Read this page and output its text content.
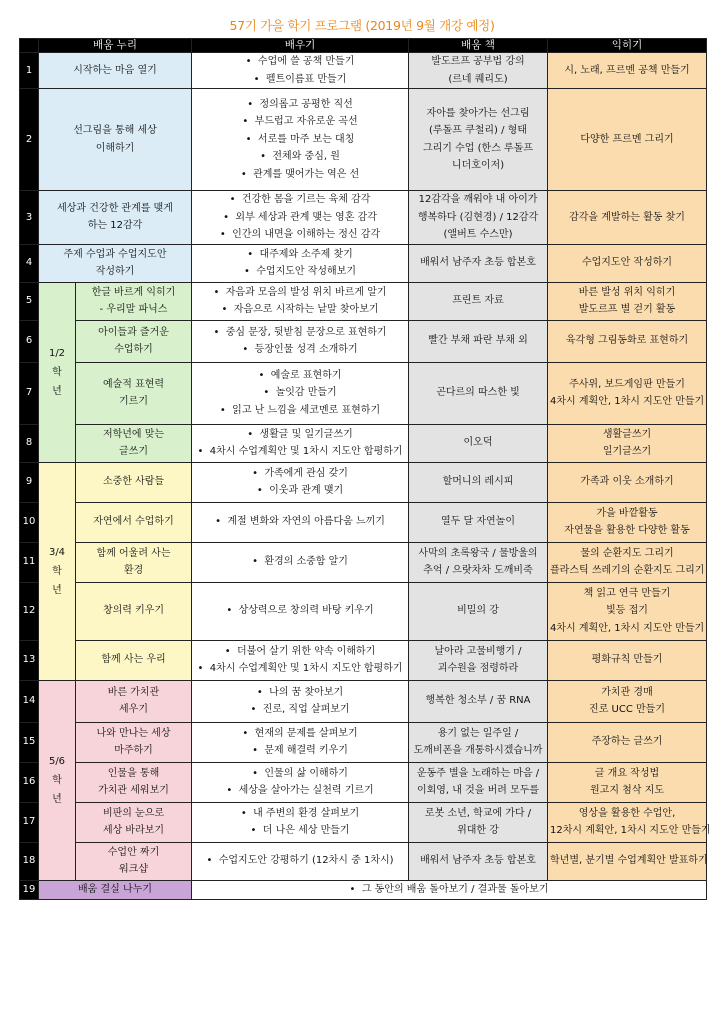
57기 가을 학기 프로그램 (2019년 9월 개강 예정)
	배움 누리		배우기	배움 책	익히기
1	시작하는 마음 열기		•  수업에 쓸 공책 만들기
•  펠트이름표 만들기	발도르프 공부법 강의
(르네 퀘리도)	시, 노래, 프르멘 공책 만들기

2	선그림을 통해 세상
이해하기		•  정의롭고 공평한 직선
•  부드럽고 자유로운 곡선
•  서로를 마주 보는 대칭
•  전체와 중심, 원
•  관계를 맺어가는 역은 선	자아를 찾아가는 선그림
(루돌프 쿠철리) / 형태
그리기 수업 (한스 루돌프
니더호이저)	다양한 프르멘 그리기

3	세상과 건강한 관계를 맺게
하는 12감각		•  건강한 몸을 기르는 육체 감각
•  외부 세상과 관계 맺는 영혼 감각
•  인간의 내면을 이해하는 정신 감각	12감각을 깨워야 내 아이가
행복하다 (김현경) / 12감각
(앨버트 수스만)	감각을 계발하는 활동 찾기

4	주제 수업과 수업지도안
작성하기		•  대주제와 소주제 찾기
•  수업지도안 작성해보기	배워서 남주자 초등 합본호	수업지도안 작성하기

5	1/2
학
년	한글 바르게 익히기
- 우리말 파닉스	•  자음과 모음의 발성 위치 바르게 알기
•  자음으로 시작하는 낱말 찾아보기	프린트 자료	바른 발성 위치 익히기
발도르프 별 걷기 활동

6		아이들과 즐거운
수업하기	•  중심 문장, 뒷받침 문장으로 표현하기
•  등장인물 성격 소개하기	빨간 부채 파란 부채 외	육각형 그림동화로 표현하기

7		예술적 표현력
기르기	•  예술로 표현하기
•  놀잇감 만들기
•  읽고 난 느낌을 세코멘로 표현하기	곤다르의 따스한 빛	주사위, 보드게임판 만들기
4차시 계획안, 1차시 지도안 만들기

8		저학년에 맞는
글쓰기	•  생활글 및 일기글쓰기
•  4차시 수업계획안 및 1차시 지도안 합평하기	이오덕	생활글쓰기
일기글쓰기

9	3/4
학
년	소중한 사람들	•  가족에게 관심 갖기
•  이웃과 관계 맺기	할머니의 레시피	가족과 이웃 소개하기

10		자연에서 수업하기	•  계절 변화와 자연의 아름다움 느끼기	열두 달 자연놀이	가을 바깥활동
자연물을 활용한 다양한 활동

11		함께 어울려 사는
환경	•  환경의 소중함 알기	사막의 초록왕국 / 물방울의
추억 / 으랏차차 도깨비죽	물의 순환지도 그리기
플라스틱 쓰레기의 순환지도 그리기

12		창의력 키우기	•  상상력으로 창의력 바탕 키우기	비밀의 강	책 읽고 연극 만들기
빛등 접기
4차시 계획안, 1차시 지도안 만들기

13		함께 사는 우리	•  더불어 살기 위한 약속 이해하기
•  4차시 수업계획안 및 1차시 지도안 합평하기	날아라 고물비행기 /
괴수원을 점령하라	평화규칙 만들기

14	5/6
학
년	바른 가치관
세우기	•  나의 꿈 찾아보기
•  진로, 직업 살펴보기	행복한 청소부 / 꿈 RNA	가치관 경매
진로 UCC 만들기

15		나와 만나는 세상
마주하기	•  현재의 문제를 살펴보기
•  문제 해결력 키우기	용기 없는 일주일 /
도깨비폰을 개통하시겠습니까	주장하는 글쓰기

16		인물을 통해
가치관 세워보기	•  인물의 삶 이해하기
•  세상을 살아가는 실천력 기르기	운동주 별을 노래하는 마음 /
이회영, 내 것을 버려 모두를	글 개요 작성법
원고지 첨삭 지도

17		비판의 눈으로
세상 바라보기	•  내 주변의 환경 살펴보기
•  더 나은 세상 만들기	로봇 소년, 학교에 가다 /
위대한 강	영상을 활용한 수업안,
12차시 계획안, 1차시 지도안 만들기

18		수업안 짜기
워크샵	•  수업지도안 강평하기 (12차시 중 1차시)	배워서 남주자 초등 합본호	학년별, 분기별 수업계획안 발표하기

19	배움 결실 나누기		•  그 동안의 배움 돌아보기 / 결과물 돌아보기
